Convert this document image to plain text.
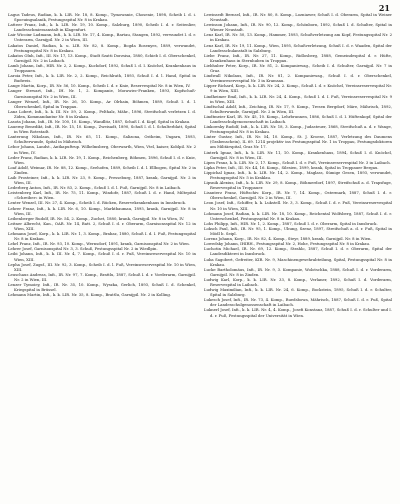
21

Lagus Tadeus, Radian, k. k. LIR. Nr. 18, 8. Komp., Tymowanie, Chosenie, 1898, Scheib I. d. i. Spoeuingsalanik, Festungsspital Nr. 8 in Krakau.

Latteer Franz, Infi., k. k. LIR. Nr. 19, 10. Komp., Salzburg, 1890, Scheib I. d. r. Seitenlier, Landesschmiessanstalt in Klagenfurt.

Lair Wicoinr Ladmann, Infi., k. k. LIR. Nr. 17, 4. Komp., Bartau, Stangen, 1892, verwundet I. d. r. Unterarm, Garnijpil. Nr. 2 in Wien, III.

Lakatos Daniel, Radian, k. u. LIR. Nr. 82, 8. Komp., Bogda Rosenyes, 1889, verwundet, Festungsspital Nr. 8 in Krakau.

Lakatos Olnh, Infi., III. Nr. 17, 13. Komp., Stadt Szatti Dorzsisa, 1880, Schieb I. d. Oberschenkel, Garnijpil. Nr. 2 in Laibach.

Lamb Johann, Infi., HIR. Nr. 2, 2. Komp., Kuchdorf, 1892, Schuß I. d. I. Knöchel, Krankenhaus in Troppauen.

Laroia Peter, Infi., k. k. LIR. Nr. 2, 2. Komp., Reichlrath, 1893, Schuß I. d. l. Hand, Spital in Budweis.

Lange Martin, Korp., IR. Nr. 56, 10. Komp., Scheib I. d. r. Knie, Reservespital Nr. 8 in Wien, IV.

Langer Stewart, Infi., IH. Nr. 1, 2. Kompanie, Morawiec-Franken, 1893, Kopfschuß-Garnisonspital Nr. 2 in Wien, III.

Langer Wenzel, Infi., IR. Nr. 26, 10. Komp., Ar Olrhain, Böhmen, 1889, Schuß I. d. l. Oberschenkel, Spital in Trappau.

Lanz Lobert, Infi., k. k. III. Nr. 59, 2. Komp., Pelthalz, Mähr., 1896, Streifschuß verletzen I. d. Ziden, Kommandantur Nr. 8 in Krakau.

Lasota Johann, Infi., IR. Nr. 100, 10. Komp., Wandlitz, 1887, Schuß I. d. Kopf, Spital in Krakau.

Lauerny Benedikt, Infi., IR. Nr. 15, 10. Komp., Zweisadt, 1890, Schuß I. d. l. Schulterblatt, Spital in Wien Rotestadt.

Lanterung Nikolaus, Infi., IR. Nr. 65, 11. Komp., Salizona, Ostheim, Ungarn, 1893, Schulterwunde, Spital in Mährisch.

Lebor Johann, Landst., Antkapuftrup. Wilhelmsberg, Oberwarth, Wien, Vtel, kaiser, Koblpil. Nr. 2 in Wien, IV.

Leder Franz, Radian, k. k. LIR. Nr. 19, 1. Komp., Reichenberg, Böhmen, 1896, Schuß I. d. r. Knie, Wien.

Loaf Adolf, Weimar, IR. Nr. 88, 12. Komp., Seehofen, 1889, Scheib I. d. l. Ellbogen, Spital Nr. 2 in Zinden.

Laib Prosteiner, Infi., k. k. LIR. Nr. 23, 9. Komp., Presseburg, 1887, krank, Garnijpil. Nr. 2 in Wien, III.

Lederberg Anton, Infi., IR. Nr. 83, 2. Komp., Schuß I. d. l. Fuß, Garnijpil. Nr. 8 in Laibach.

Leistenberg Karl, Infi., IR. Nr. 75, 11. Komp., Windofe, 1887, Schuß I. d. r. Hand, Miltepital »Schreiber« in Wien.

Lenter Wenzel, III. Nr. 27, 4. Komp., Scheib I. d. Rücken, Reservekrankenhaus in Innsbruck.

Lehrer Franz, Infi., k. k. LIR. Nr. 6, 10. Komp., Marktbaumau, 1895, krank, Garnijpil. Nr. 8 in Wien, III.

Leibenberger Rudolf, IR. Nr. 54, 2. Komp., Zuchet, 1880, krank, Garnijpil. Nr. 8 in Wien, IV.

Leitner Albrecht, Kan., OAR. Nr. 14, Batt. 2, Schuß I. d. r. Oberarm, Garnisonsspital Nr. 12 in Wien, XIII.

Lehmann Josef, Korp., k. k. LIR. Nr. 1, 3. Komp., Brabaz, 1880, Schuß I. d. I. Fuß, Festungsspital Nr. 8 in Krakau.

Lehrl Franz, Infi., IR. Nr. 93, 10. Komp., Wernsdorf, 1891, krank, Garnisonspital Nr. 2 in Wien.

Lehrer Josef, Garnisonspital Nr. 3, 3. Schuß, Festungsspital Nr. 2 in Wiedlpin.

Leibi Johann, Infi., k. k. III. Nr. 4, 7. Komp., Schuß I. d. r. Fuß, Vereinsreservespital Nr. 10 in Wien, XIII.

Lepha Josef, Zugsf., III. Nr. 92, 3. Komp., Scheib I. d. l. Fuß, Vereinsreservespital Nr. 10 in Wien, XIII.

Leuschaus Andreas, Infi., IR. Nr. 97, 7. Komp., Brattlu, 1887, Schuß I. d. r. Vorderarm, Garnijpil. Nr. 2 in Wien, III.

Lenzer Tymoiey, Infi., IR. Nr. 35, 10. Komp., Wyszka, Gerlich, 1893, Schuß I. d. Schenkel, Kriegspital in Brüssel.

Lehmann Martin, Infi., k. k. LIR. Nr. 35, 8. Komp., Brattlu, Garnijpil. Nr. 2 in Kolling.

Lewinsedt Bernsel, Infi., IR. Nr. 80, 8. Komp., Lozniawer, Schuß I. d. Oberarm, Spital in Weiner Neustadt.

Lewinson Johann, Infi., IR. Nr. 90, 12. Komp., Schönborn, 1892, Schuß I. d. Schulter, Spital in Wiener Neustadt.

Lenz Karl, IR. Nr. 50, 13. Komp., Hammer, 1893, Schußverletzung am Kopf, Festungsspital Nr. 2 in Krakau.

Lenz Karl, IR. Nr. 19, 11. Komp., Wien, 1895, Schußverletzung, Schuß I. d. r. Waaden, Spital der Landesschulanstalt in Salzburg.

Liebe Franz, Infi., IR. Nr. 27, 11. Komp., Ridlosberg, 1888, Gemeindespital d. r. Hüfte, Krankenhaus in Sternhuben in Troppau.

Liebhuber Peter, Korp., IR. Nr. 81, 2. Kompaniewag., Scheib I. d. Schulter, Garnijpil. Nr. 7 in Graz.

Lindwall Nikolaus, Infi., IR. Nr. 81, 2. Kompaniewag., Schuß I. d. r. Oberschenkel, Vereinsreservespital Nr. 3 in Kramsau.

Lipper Richard, Korp., k. k. LIR. Nr. 24, 2. Komp., Schuß I. d. r. Knöchel, Vereinsreservespital Nr. 9 in Wien, XIII.

Lindheimer Emil, Infi., k. k. LIR. Nr. 24, 4. Komp., Schuß I. d. I. Fuß, Vereinsreservespital Nr. 9 in Wien, XIII.

Lindtschal Adolf, Infi., Zeiching, IR. Nr. 17, 9. Komp., Tresen Bergdorf, Märe, Mährisch, 1892, Schulterwunde, Garnijpil. Nr. 2 in Wien, III.

Lindtmeier Karl, IR. Nr. 45, 10. Komp., Lehrbrunnen, 1886, Schuß I. d. I. Hüftenkopf, Spital der Landesschulgenossenschaft in Laibach.

Linkowsky Rudolf, Infi., k. k. LIR. Nr. 18, 3. Komp., Judasteuer, 1868, Streifschuß a. d. r. Wange, Festungsspital Nr. 8 in Krakau.

Linter Gustav, Infi., IR. Nr. 54, 10. Komp., St. J. Kroese, 1887, Verletzung des Daumens (Grabenschein), IL 69. 1214 projektiv ins Festungsspital Nr. 1 in Troppau, Festungsdoktoren am Militärspital, Graz Nr. 17.

Linterk Ignaz, Infi., k. k. LIR. Nr. 11, 10. Komp., Krankenhaus, 1894, Schuß I. d. Knöchel, Garnijpil. Nr. 8 in Wien, III.

Lipen Franz, k. k. LIR. Nr. 2, 17. Komp., Schuß I. d. r. Fuß, Vereinsreservespital Nr. 3 in Laibach.

Lipka Peter, Infi., III. Nr. 44, 16. Komp., Silesien, 1899, krank, Spital in Troppauer Bergau.

Lippichal Ignaz, Infi., k. k. LIR. Nr. 14, 2. Komp., Maglass, Sümige Gesen, 1893, verwundet, Festungsspital Nr. 5 in Kraklau.

Lipsnik Alexius, Infi., k. k. LIR. Nr. 29, 8. Komp., Böhmerdorf, 1897, Streifschuß a. d. Trapsfuge, Reservespital in Troppauer.

Lisanterz Franz, Hüftschiv. Korp., IR. Nr. 7, 14. Komp., Ostermark, 1887, Schuß I. d. r. Oberschenkel, Garnijpil. Nr. 2 in Wien, III.

Leon Josef, Infi., Schiffer, k. k. Lukstell. Nr. 3, 3. Komp., Schuß I. d. r. Fuß, Vereinsreservespital Nr. 10 in Wien, XIII.

Lohmann Josef, Radian, k. k. LIR. Nr. 18, 10. Komp., Reichental Wolfsberg, 1887, Schuß I. d. r. Unterschenkel, Festungsspital Nr. 8 in Krakau.

Lohs Philipp, Infi., HIR. Nr. 1, 2. Komp., 1887, Schuß I. d. r. Oberarm, Spital in Innsbruck.

Loksch Paul, Infi., IR. Nr. 95, 1. Komp., Ubung, Szenz, 1897, Streifschuß a. d. r. Fuß, Spital in Mödl b. Seipl.

Lorenz Johann, Korp., IR. Nr. 82, 4. Komp., Steyr, 1889, krank, Garnijpil. Nr. 8 in Wien.

Lowedsky Johann, IHIRH., Festungsspital Nr. 2, Hohe, Festungsspital Nr. 8 in Krakau.

Luchotin Michael, IR. Nr. 69, 12. Komp., Strahlo, 1887, Schuß I. d. r. Oberarm, Spital der Landesdikterei in Innsbruck.

Luba Sagobert, Gefreiter, KIR. Nr. 9, Maschinengewehrabteilung, Spital, Festungsspital Nr. 8 in Krakau.

Lucke Bartholomäus, Infi., IR. Nr. 9, 3. Kompanie, Wolotschka, 1888, Schuß I. d. r. Vorderarm, Garnijpil. Nr. 8 in Zinden.

Ludwig Karl, Korp., k. k. LIR. Nr. 33, 8. Komp., Verlaner, 1892, Schuß I. d. Vorderarm, Reservespital in Laibach.

Ludwig Maximilian, Infi., k. k. LIR. Nr. 24, 6. Komp., Bockstein, 1895, Schuß I. d. r. Schulter, Spital in Salzburg.

Lukesch Josef, Infi., IR. Nr. 73, 4. Komp., Ruedsbowa, Mährisch, 1887, Schuß I. d. r. Fuß, Spital der Landesschulgenossenschaft in Laibach.

Luknerl Josef, Infi., k. k. LIR. Nr. 4, 4. Komp., Josefi Konstanz, 1887, Schuß I. d. r. Schulter und I. d. r. Fuß, Festungsspital der Universität in Wien.
